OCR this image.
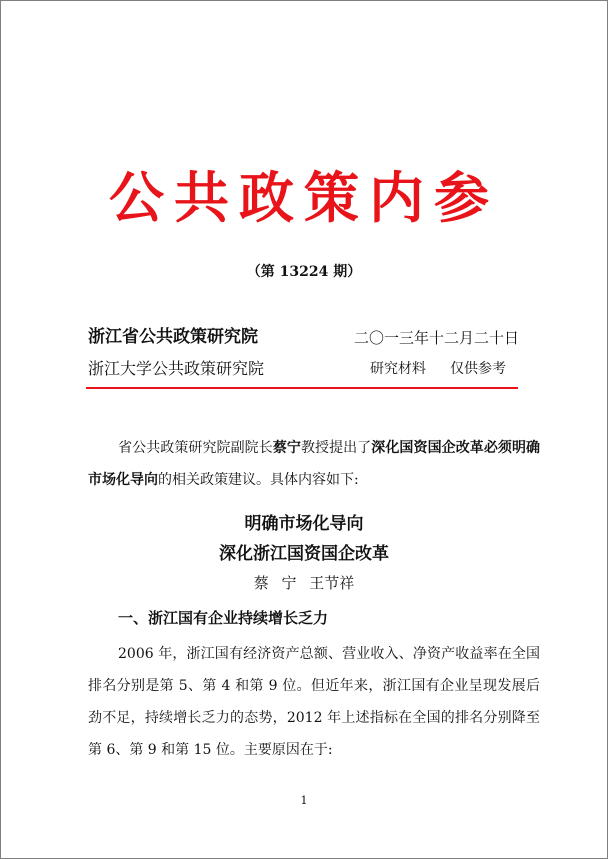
公共政策内参
（第 13224 期）
浙江省公共政策研究院	二〇一三年十二月二十日
浙江大学公共政策研究院	研究材料 仅供参考

省公共政策研究院副院长蔡宁教授提出了深化国资国企改革必须明确市场化导向的相关政策建议。具体内容如下:

明确市场化导向
深化浙江国资国企改革
蔡 宁 王节祥
一、浙江国有企业持续增长乏力

2006 年，浙江国有经济资产总额、营业收入、净资产收益率在全国排名分别是第 5、第 4 和第 9 位。但近年来，浙江国有企业呈现发展后劲不足，持续增长乏力的态势，2012 年上述指标在全国的排名分别降至第 6、第 9 和第 15 位。主要原因在于:

1
